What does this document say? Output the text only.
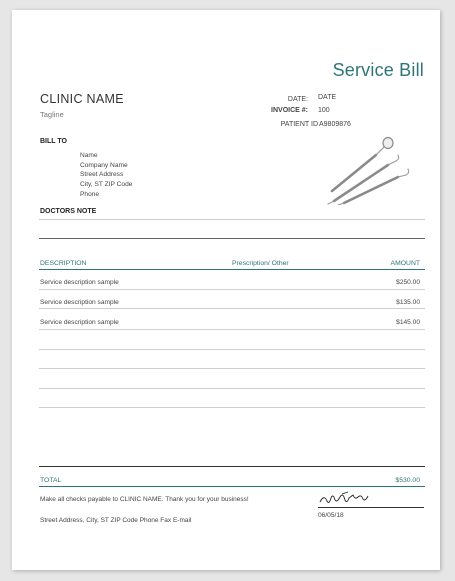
Service Bill
CLINIC NAME
Tagline
DATE: DATE
INVOICE #: 100
PATIENT ID A9809876
BILL TO
Name
Company Name
Street Address
City, ST ZIP Code
Phone
DOCTORS NOTE
DESCRIPTION	Prescription/ Other	AMOUNT
Service description sample	$250.00
Service description sample	$135.00
Service description sample	$145.00
TOTAL	$530.00
Make all checks payable to CLINIC NAME. Thank you for your business!
Street Address, City, ST ZIP Code Phone Fax E-mail
06/05/18
